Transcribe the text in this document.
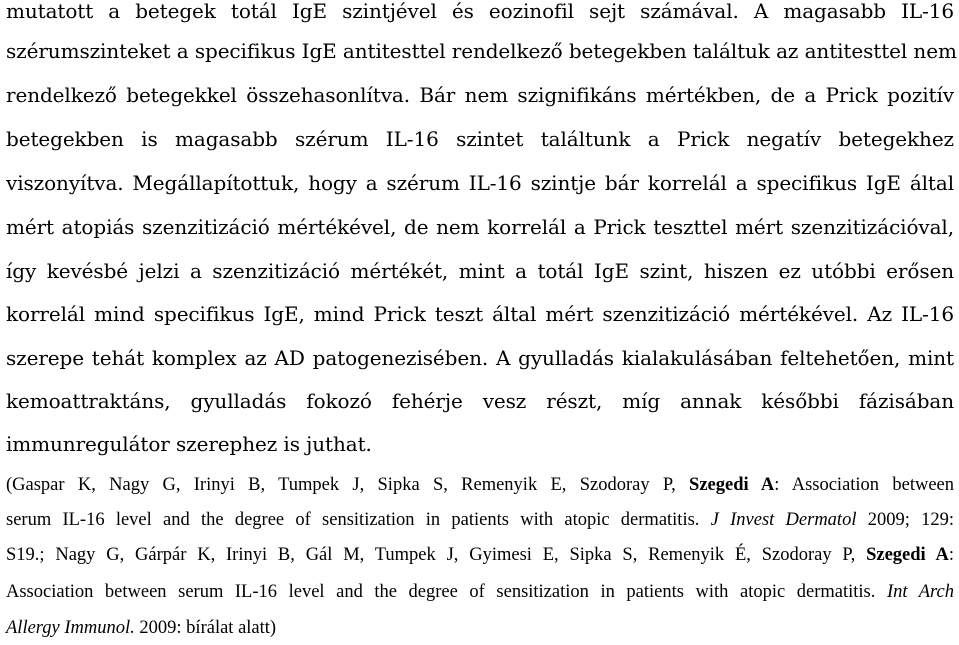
mutatott a betegek totál IgE szintjével és eozinofil sejt számával. A magasabb IL-16
szérumszinteket a specifikus IgE antitesttel rendelkező betegekben találtuk az antitesttel nem
rendelkező betegekkel összehasonlítva. Bár nem szignifikáns mértékben, de a Prick pozitív
betegekben is magasabb szérum IL-16 szintet találtunk a Prick negatív betegekhez
viszonyítva. Megállapítottuk, hogy a szérum IL-16 szintje bár korrelál a specifikus IgE által
mért atopiás szenzitizáció mértékével, de nem korrelál a Prick teszttel mért szenzitizációval,
így kevésbé jelzi a szenzitizáció mértékét, mint a totál IgE szint, hiszen ez utóbbi erősen
korrelál mind specifikus IgE, mind Prick teszt által mért szenzitizáció mértékével. Az IL-16
szerepe tehát komplex az AD patogenezisében. A gyulladás kialakulásában feltehetően, mint
kemoattraktáns, gyulladás fokozó fehérje vesz részt, míg annak későbbi fázisában
immunregulátor szerephez is juthat.
(Gaspar K, Nagy G, Irinyi B, Tumpek J, Sipka S, Remenyik E, Szodoray P, Szegedi A: Association between
serum IL-16 level and the degree of sensitization in patients with atopic dermatitis. J Invest Dermatol 2009; 129:
S19.; Nagy G, Gárpár K, Irinyi B, Gál M, Tumpek J, Gyimesi E, Sipka S, Remenyik É, Szodoray P, Szegedi A:
Association between serum IL-16 level and the degree of sensitization in patients with atopic dermatitis. Int Arch
Allergy Immunol. 2009: bírálat alatt)
